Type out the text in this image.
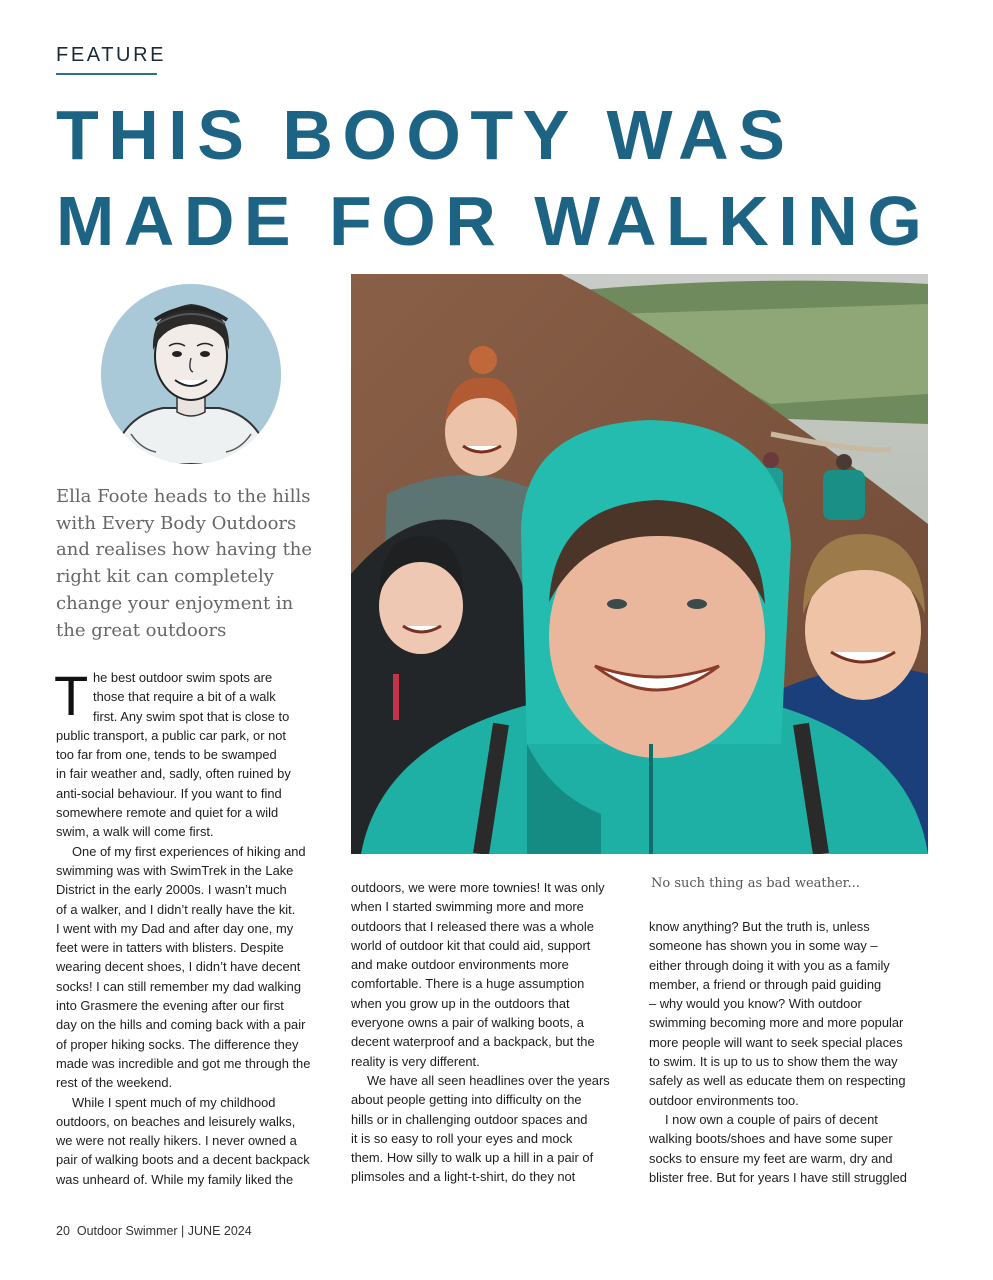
FEATURE
THIS BOOTY WAS
MADE FOR WALKING

Ella Foote heads to the hills
with Every Body Outdoors
and realises how having the
right kit can completely
change your enjoyment in
the great outdoors

No such thing as bad weather...
T he best outdoor swim spots are
those that require a bit of a walk
first. Any swim spot that is close to
public transport, a public car park, or not
too far from one, tends to be swamped
in fair weather and, sadly, often ruined by
anti-social behaviour. If you want to find
somewhere remote and quiet for a wild
swim, a walk will come first.
One of my first experiences of hiking and
swimming was with SwimTrek in the Lake
District in the early 2000s. I wasn’t much
of a walker, and I didn’t really have the kit.
I went with my Dad and after day one, my
feet were in tatters with blisters. Despite
wearing decent shoes, I didn’t have decent
socks! I can still remember my dad walking
into Grasmere the evening after our first
day on the hills and coming back with a pair
of proper hiking socks. The difference they
made was incredible and got me through the
rest of the weekend.
While I spent much of my childhood
outdoors, on beaches and leisurely walks,
we were not really hikers. I never owned a
pair of walking boots and a decent backpack
was unheard of. While my family liked the
outdoors, we were more townies! It was only
when I started swimming more and more
outdoors that I released there was a whole
world of outdoor kit that could aid, support
and make outdoor environments more
comfortable. There is a huge assumption
when you grow up in the outdoors that
everyone owns a pair of walking boots, a
decent waterproof and a backpack, but the
reality is very different.
We have all seen headlines over the years
about people getting into difficulty on the
hills or in challenging outdoor spaces and
it is so easy to roll your eyes and mock
them. How silly to walk up a hill in a pair of
plimsoles and a light-t-shirt, do they not
know anything? But the truth is, unless
someone has shown you in some way –
either through doing it with you as a family
member, a friend or through paid guiding
– why would you know? With outdoor
swimming becoming more and more popular
more people will want to seek special places
to swim. It is up to us to show them the way
safely as well as educate them on respecting
outdoor environments too.
I now own a couple of pairs of decent
walking boots/shoes and have some super
socks to ensure my feet are warm, dry and
blister free. But for years I have still struggled
20 Outdoor Swimmer | JUNE 2024
